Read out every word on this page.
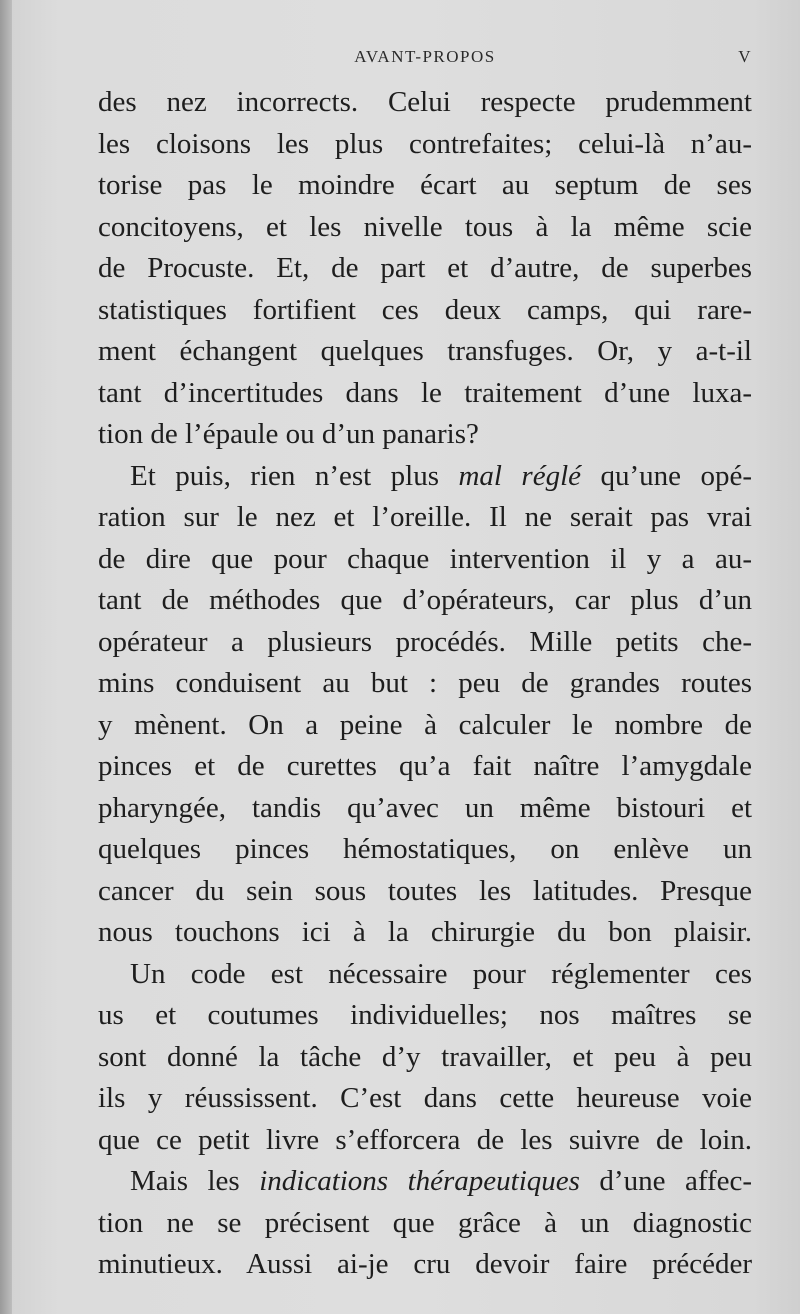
AVANT-PROPOS	V
des nez incorrects. Celui respecte prudemment
les cloisons les plus contrefaites; celui-là n’au-
torise pas le moindre écart au septum de ses
concitoyens, et les nivelle tous à la même scie
de Procuste. Et, de part et d’autre, de superbes
statistiques fortifient ces deux camps, qui rare-
ment échangent quelques transfuges. Or, y a-t-il
tant d’incertitudes dans le traitement d’une luxa-
tion de l’épaule ou d’un panaris?
Et puis, rien n’est plus mal réglé qu’une opé-
ration sur le nez et l’oreille. Il ne serait pas vrai
de dire que pour chaque intervention il y a au-
tant de méthodes que d’opérateurs, car plus d’un
opérateur a plusieurs procédés. Mille petits che-
mins conduisent au but : peu de grandes routes
y mènent. On a peine à calculer le nombre de
pinces et de curettes qu’a fait naître l’amygdale
pharyngée, tandis qu’avec un même bistouri et
quelques pinces hémostatiques, on enlève un
cancer du sein sous toutes les latitudes. Presque
nous touchons ici à la chirurgie du bon plaisir.
Un code est nécessaire pour réglementer ces
us et coutumes individuelles; nos maîtres se
sont donné la tâche d’y travailler, et peu à peu
ils y réussissent. C’est dans cette heureuse voie
que ce petit livre s’efforcera de les suivre de loin.
Mais les indications thérapeutiques d’une affec-
tion ne se précisent que grâce à un diagnostic
minutieux. Aussi ai-je cru devoir faire précéder
